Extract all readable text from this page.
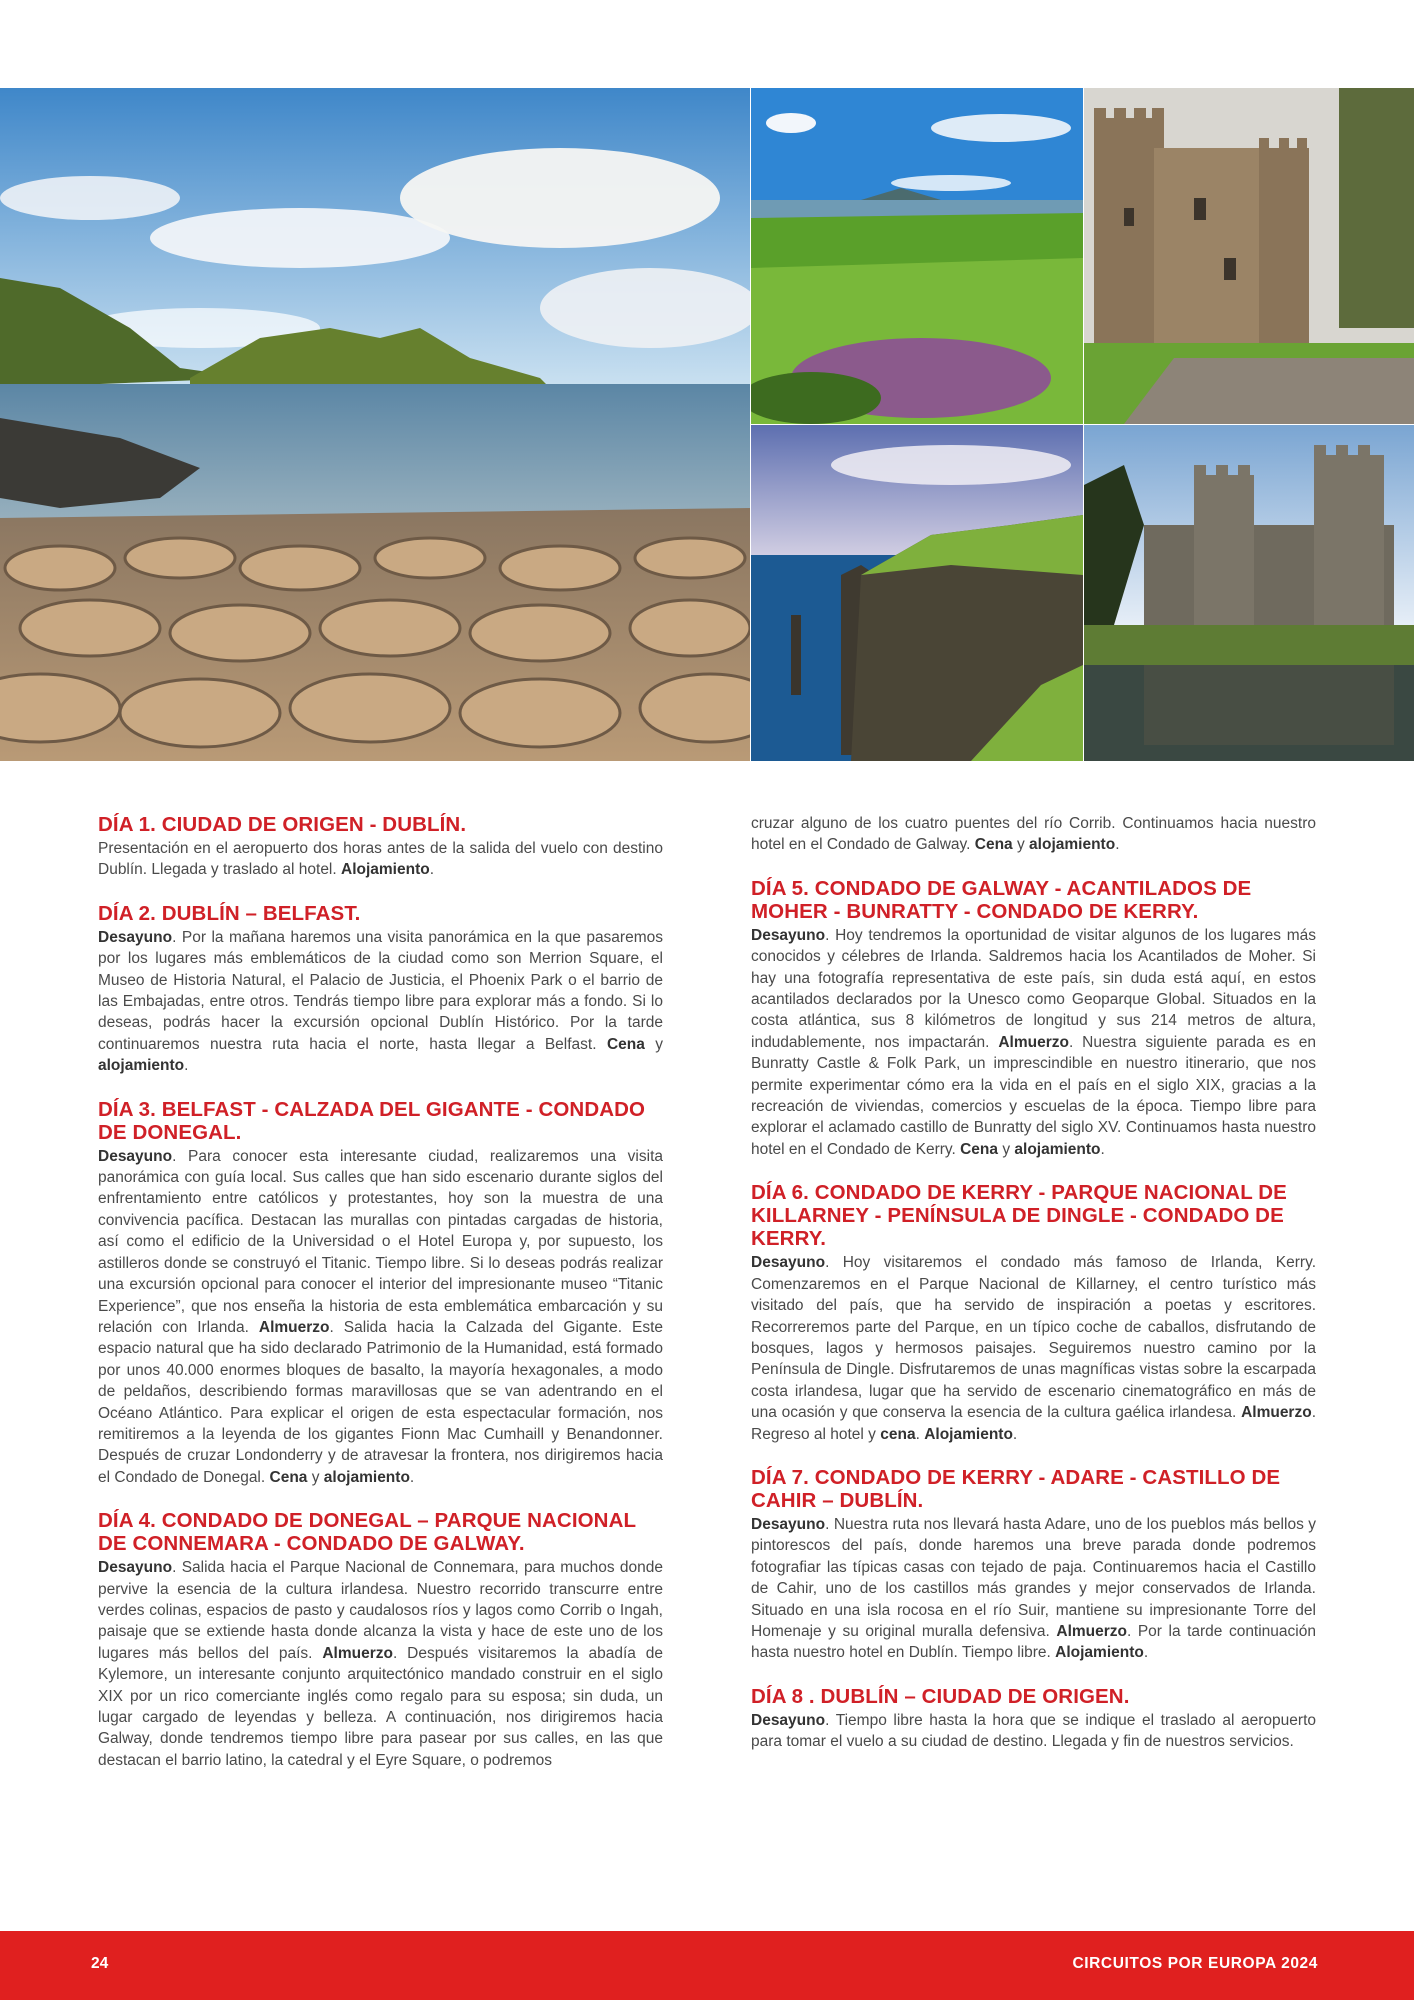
DÍA 1. CIUDAD DE ORIGEN - DUBLÍN.

Presentación en el aeropuerto dos horas antes de la salida del vuelo con destino Dublín. Llegada y traslado al hotel. Alojamiento.

DÍA 2. DUBLÍN – BELFAST.

Desayuno. Por la mañana haremos una visita panorámica en la que pasaremos por los lugares más emblemáticos de la ciudad como son Merrion Square, el Museo de Historia Natural, el Palacio de Justicia, el Phoenix Park o el barrio de las Embajadas, entre otros. Tendrás tiempo libre para explorar más a fondo. Si lo deseas, podrás hacer la excursión opcional Dublín Histórico. Por la tarde continuaremos nuestra ruta hacia el norte, hasta llegar a Belfast. Cena y alojamiento.

DÍA 3. BELFAST - CALZADA DEL GIGANTE - CONDADO DE DONEGAL.

Desayuno. Para conocer esta interesante ciudad, realizaremos una visita panorámica con guía local. Sus calles que han sido escenario durante siglos del enfrentamiento entre católicos y protestantes, hoy son la muestra de una convivencia pacífica. Destacan las murallas con pintadas cargadas de historia, así como el edificio de la Universidad o el Hotel Europa y, por supuesto, los astilleros donde se construyó el Titanic. Tiempo libre. Si lo deseas podrás realizar una excursión opcional para conocer el interior del impresionante museo “Titanic Experience”, que nos enseña la historia de esta emblemática embarcación y su relación con Irlanda. Almuerzo. Salida hacia la Calzada del Gigante. Este espacio natural que ha sido declarado Patrimonio de la Humanidad, está formado por unos 40.000 enormes bloques de basalto, la mayoría hexagonales, a modo de peldaños, describiendo formas maravillosas que se van adentrando en el Océano Atlántico. Para explicar el origen de esta espectacular formación, nos remitiremos a la leyenda de los gigantes Fionn Mac Cumhaill y Benandonner. Después de cruzar Londonderry y de atravesar la frontera, nos dirigiremos hacia el Condado de Donegal. Cena y alojamiento.

DÍA 4. CONDADO DE DONEGAL – PARQUE NACIONAL DE CONNEMARA - CONDADO DE GALWAY.

Desayuno. Salida hacia el Parque Nacional de Connemara, para muchos donde pervive la esencia de la cultura irlandesa. Nuestro recorrido transcurre entre verdes colinas, espacios de pasto y caudalosos ríos y lagos como Corrib o Ingah, paisaje que se extiende hasta donde alcanza la vista y hace de este uno de los lugares más bellos del país. Almuerzo. Después visitaremos la abadía de Kylemore, un interesante conjunto arquitectónico mandado construir en el siglo XIX por un rico comerciante inglés como regalo para su esposa; sin duda, un lugar cargado de leyendas y belleza. A continuación, nos dirigiremos hacia Galway, donde tendremos tiempo libre para pasear por sus calles, en las que destacan el barrio latino, la catedral y el Eyre Square, o podremos

cruzar alguno de los cuatro puentes del río Corrib. Continuamos hacia nuestro hotel en el Condado de Galway. Cena y alojamiento.

DÍA 5. CONDADO DE GALWAY - ACANTILADOS DE MOHER - BUNRATTY - CONDADO DE KERRY.

Desayuno. Hoy tendremos la oportunidad de visitar algunos de los lugares más conocidos y célebres de Irlanda. Saldremos hacia los Acantilados de Moher. Si hay una fotografía representativa de este país, sin duda está aquí, en estos acantilados declarados por la Unesco como Geoparque Global. Situados en la costa atlántica, sus 8 kilómetros de longitud y sus 214 metros de altura, indudablemente, nos impactarán. Almuerzo. Nuestra siguiente parada es en Bunratty Castle & Folk Park, un imprescindible en nuestro itinerario, que nos permite experimentar cómo era la vida en el país en el siglo XIX, gracias a la recreación de viviendas, comercios y escuelas de la época. Tiempo libre para explorar el aclamado castillo de Bunratty del siglo XV. Continuamos hasta nuestro hotel en el Condado de Kerry. Cena y alojamiento.

DÍA 6. CONDADO DE KERRY - PARQUE NACIONAL DE KILLARNEY - PENÍNSULA DE DINGLE - CONDADO DE KERRY.

Desayuno. Hoy visitaremos el condado más famoso de Irlanda, Kerry. Comenzaremos en el Parque Nacional de Killarney, el centro turístico más visitado del país, que ha servido de inspiración a poetas y escritores. Recorreremos parte del Parque, en un típico coche de caballos, disfrutando de bosques, lagos y hermosos paisajes. Seguiremos nuestro camino por la Península de Dingle. Disfrutaremos de unas magníficas vistas sobre la escarpada costa irlandesa, lugar que ha servido de escenario cinematográfico en más de una ocasión y que conserva la esencia de la cultura gaélica irlandesa. Almuerzo. Regreso al hotel y cena. Alojamiento.

DÍA 7. CONDADO DE KERRY - ADARE - CASTILLO DE CAHIR – DUBLÍN.

Desayuno. Nuestra ruta nos llevará hasta Adare, uno de los pueblos más bellos y pintorescos del país, donde haremos una breve parada donde podremos fotografiar las típicas casas con tejado de paja. Continuaremos hacia el Castillo de Cahir, uno de los castillos más grandes y mejor conservados de Irlanda. Situado en una isla rocosa en el río Suir, mantiene su impresionante Torre del Homenaje y su original muralla defensiva. Almuerzo. Por la tarde continuación hasta nuestro hotel en Dublín. Tiempo libre. Alojamiento.

DÍA 8 . DUBLÍN – CIUDAD DE ORIGEN.

Desayuno. Tiempo libre hasta la hora que se indique el traslado al aeropuerto para tomar el vuelo a su ciudad de destino. Llegada y fin de nuestros servicios.

24	CIRCUITOS POR EUROPA 2024
